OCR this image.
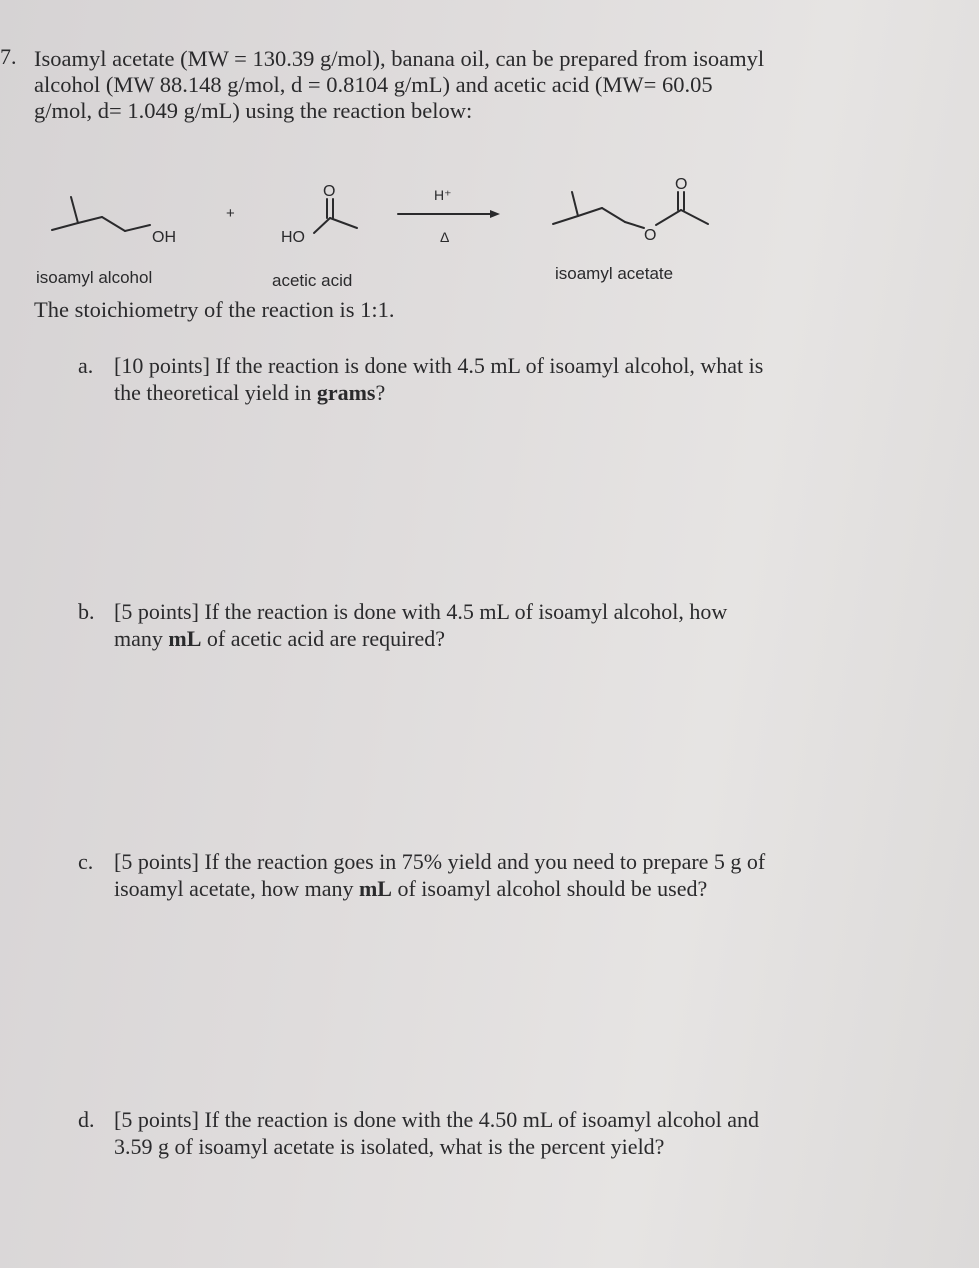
7. Isoamyl acetate (MW = 130.39 g/mol), banana oil, can be prepared from isoamyl
alcohol (MW 88.148 g/mol, d = 0.8104 g/mL) and acetic acid (MW= 60.05
g/mol, d= 1.049 g/mL) using the reaction below:
OH
+
HO
O	H⁺
Δ
O
O
isoamyl alcohol	acetic acid	isoamyl acetate
The stoichiometry of the reaction is 1:1.
a. [10 points] If the reaction is done with 4.5 mL of isoamyl alcohol, what is
the theoretical yield in grams?
b. [5 points] If the reaction is done with 4.5 mL of isoamyl alcohol, how
many mL of acetic acid are required?
c. [5 points] If the reaction goes in 75% yield and you need to prepare 5 g of
isoamyl acetate, how many mL of isoamyl alcohol should be used?
d. [5 points] If the reaction is done with the 4.50 mL of isoamyl alcohol and
3.59 g of isoamyl acetate is isolated, what is the percent yield?
